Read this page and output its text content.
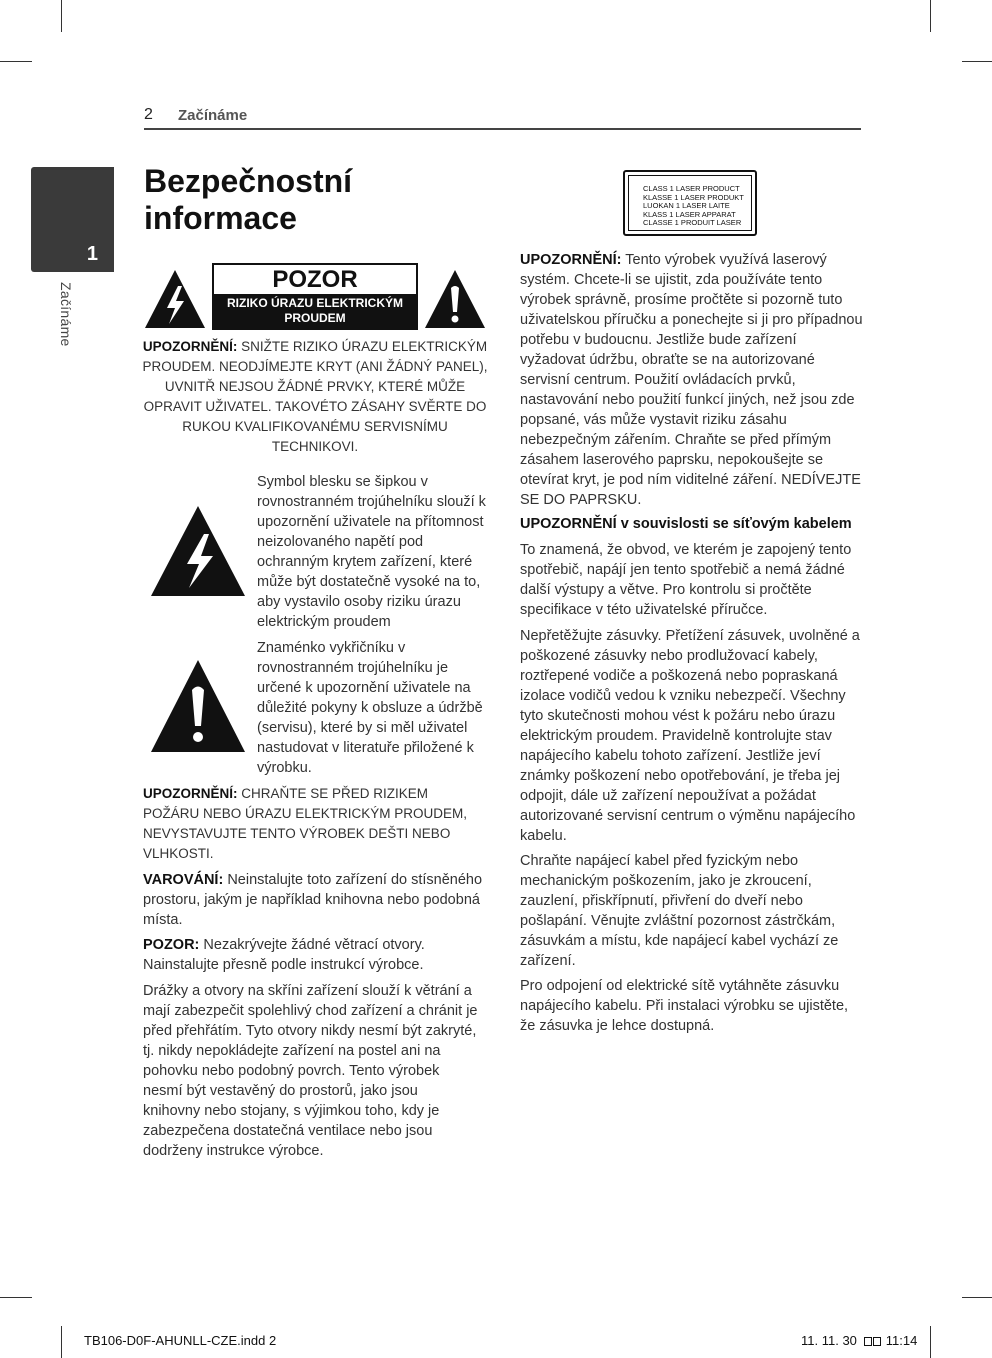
2 Začínáme
1
Začínáme
Bezpečnostní informace
POZOR
RIZIKO ÚRAZU ELEKTRICKÝM PROUDEM
UPOZORNĚNÍ: SNIŽTE RIZIKO ÚRAZU ELEKTRICKÝM PROUDEM. NEODJÍMEJTE KRYT (ANI ŽÁDNÝ PANEL), UVNITŘ NEJSOU ŽÁDNÉ PRVKY, KTERÉ MŮŽE OPRAVIT UŽIVATEL. TAKOVÉTO ZÁSAHY SVĚRTE DO RUKOU KVALIFIKOVANÉMU SERVISNÍMU TECHNIKOVI.
Symbol blesku se šipkou v rovnostranném trojúhelníku slouží k upozornění uživatele na přítomnost neizolovaného napětí pod ochranným krytem zařízení, které může být dostatečně vysoké na to, aby vystavilo osoby riziku úrazu elektrickým proudem
Znaménko vykřičníku v rovnostranném trojúhelníku je určené k upozornění uživatele na důležité pokyny k obsluze a údržbě (servisu), které by si měl uživatel nastudovat v literatuře přiložené k výrobku.
UPOZORNĚNÍ: CHRAŇTE SE PŘED RIZIKEM POŽÁRU NEBO ÚRAZU ELEKTRICKÝM PROUDEM, NEVYSTAVUJTE TENTO VÝROBEK DEŠTI NEBO VLHKOSTI.
VAROVÁNÍ: Neinstalujte toto zařízení do stísněného prostoru, jakým je například knihovna nebo podobná místa.
POZOR: Nezakrývejte žádné větrací otvory. Nainstalujte přesně podle instrukcí výrobce.
Drážky a otvory na skříni zařízení slouží k větrání a mají zabezpečit spolehlivý chod zařízení a chránit je před přehřátím. Tyto otvory nikdy nesmí být zakryté, tj. nikdy nepokládejte zařízení na postel ani na pohovku nebo podobný povrch. Tento výrobek nesmí být vestavěný do prostorů, jako jsou knihovny nebo stojany, s výjimkou toho, kdy je zabezpečena dostatečná ventilace nebo jsou dodrženy instrukce výrobce.
CLASS 1 LASER PRODUCT
KLASSE 1 LASER PRODUKT
LUOKAN 1 LASER LAITE
KLASS 1 LASER APPARAT
CLASSE 1 PRODUIT LASER
UPOZORNĚNÍ: Tento výrobek využívá laserový systém. Chcete-li se ujistit, zda používáte tento výrobek správně, prosíme pročtěte si pozorně tuto uživatelskou příručku a ponechejte si ji pro případnou potřebu v budoucnu. Jestliže bude zařízení vyžadovat údržbu, obraťte se na autorizované servisní centrum. Použití ovládacích prvků, nastavování nebo použití funkcí jiných, než jsou zde popsané, vás může vystavit riziku zásahu nebezpečným zářením. Chraňte se před přímým zásahem laserového paprsku, nepokoušejte se otevírat kryt, je pod ním viditelné záření. NEDÍVEJTE SE DO PAPRSKU.
UPOZORNĚNÍ v souvislosti se síťovým kabelem
To znamená, že obvod, ve kterém je zapojený tento spotřebič, napájí jen tento spotřebič a nemá žádné další výstupy a větve. Pro kontrolu si pročtěte specifikace v této uživatelské příručce.
Nepřetěžujte zásuvky. Přetížení zásuvek, uvolněné a poškozené zásuvky nebo prodlužovací kabely, roztřepené vodiče a poškozená nebo popraskaná izolace vodičů vedou k vzniku nebezpečí. Všechny tyto skutečnosti mohou vést k požáru nebo úrazu elektrickým proudem. Pravidelně kontrolujte stav napájecího kabelu tohoto zařízení. Jestliže jeví známky poškození nebo opotřebování, je třeba jej odpojit, dále už zařízení nepoužívat a požádat autorizované servisní centrum o výměnu napájecího kabelu.
Chraňte napájecí kabel před fyzickým nebo mechanickým poškozením, jako je zkroucení, zauzlení, přiskřípnutí, přivření do dveří nebo pošlapání. Věnujte zvláštní pozornost zástrčkám, zásuvkám a místu, kde napájecí kabel vychází ze zařízení.
Pro odpojení od elektrické sítě vytáhněte zásuvku napájecího kabelu. Při instalaci výrobku se ujistěte, že zásuvka je lehce dostupná.
TB106-D0F-AHUNLL-CZE.indd 2	11. 11. 30 11:14
